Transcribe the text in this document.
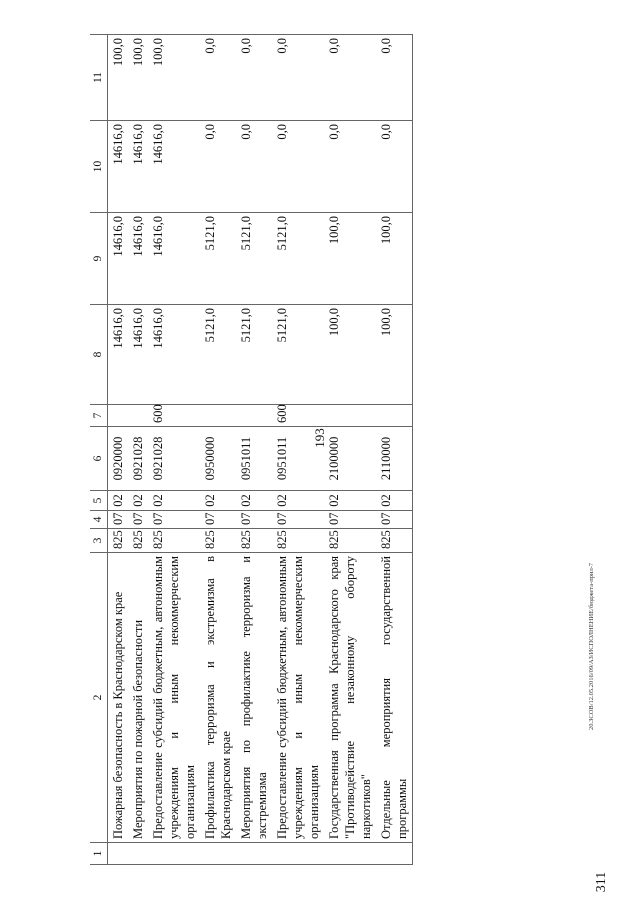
193
1	2	3	4	5	6	7	8	9	10	11
	Пожарная безопасность в Краснодарском крае	825	07	02	0920000		14616,0	14616,0	14616,0	100,0
	Мероприятия по пожарной безопасности	825	07	02	0921028		14616,0	14616,0	14616,0	100,0
	Предоставление субсидий бюджетным, автономным учреждениям и иным некоммерческим организациям	825	07	02	0921028	600	14616,0	14616,0	14616,0	100,0
	Профилактика терроризма и экстремизма в Краснодарском крае	825	07	02	0950000		5121,0	5121,0	0,0	0,0
	Мероприятия по профилактике терроризма и экстремизма	825	07	02	0951011		5121,0	5121,0	0,0	0,0
	Предоставление субсидий бюджетным, автономным учреждениям и иным некоммерческим организациям	825	07	02	0951011	600	5121,0	5121,0	0,0	0,0
	Государственная программа Краснодарского края "Противодействие незаконному обороту наркотиков"	825	07	02	2100000		100,0	100,0	0,0	0,0
	Отдельные мероприятия государственной программы	825	07	02	2110000		100,0	100,0	0,0	0,0
20.ЗСОВ/12.05.2016/09/АЗ/ИСПОЛНЕНИЕ/бюджета-прил-7
311
